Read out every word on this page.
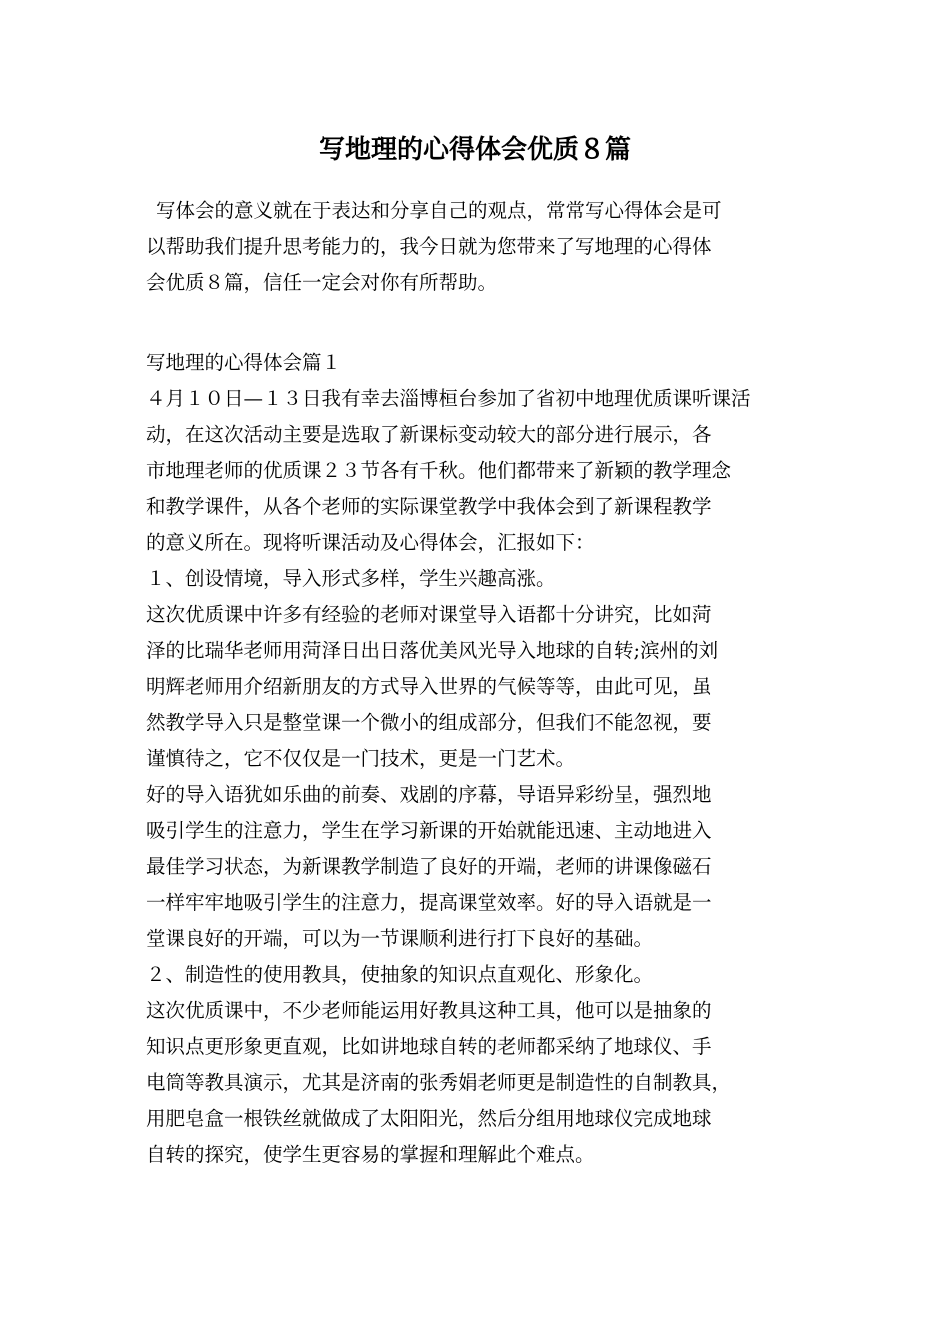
写地理的心得体会优质８篇
写体会的意义就在于表达和分享自己的观点，常常写心得体会是可
以帮助我们提升思考能力的，我今日就为您带来了写地理的心得体
会优质８篇，信任一定会对你有所帮助。
写地理的心得体会篇１
４月１０日—１３日我有幸去淄博桓台参加了省初中地理优质课听课活
动，在这次活动主要是选取了新课标变动较大的部分进行展示，各
市地理老师的优质课２３节各有千秋。他们都带来了新颖的教学理念
和教学课件，从各个老师的实际课堂教学中我体会到了新课程教学
的意义所在。现将听课活动及心得体会，汇报如下：
１、创设情境，导入形式多样，学生兴趣高涨。
这次优质课中许多有经验的老师对课堂导入语都十分讲究，比如菏
泽的比瑞华老师用菏泽日出日落优美风光导入地球的自转;滨州的刘
明辉老师用介绍新朋友的方式导入世界的气候等等，由此可见，虽
然教学导入只是整堂课一个微小的组成部分，但我们不能忽视，要
谨慎待之，它不仅仅是一门技术，更是一门艺术。
好的导入语犹如乐曲的前奏、戏剧的序幕，导语异彩纷呈，强烈地
吸引学生的注意力，学生在学习新课的开始就能迅速、主动地进入
最佳学习状态，为新课教学制造了良好的开端，老师的讲课像磁石
一样牢牢地吸引学生的注意力，提高课堂效率。好的导入语就是一
堂课良好的开端，可以为一节课顺利进行打下良好的基础。
２、制造性的使用教具，使抽象的知识点直观化、形象化。
这次优质课中，不少老师能运用好教具这种工具，他可以是抽象的
知识点更形象更直观，比如讲地球自转的老师都采纳了地球仪、手
电筒等教具演示，尤其是济南的张秀娟老师更是制造性的自制教具，
用肥皂盒一根铁丝就做成了太阳阳光，然后分组用地球仪完成地球
自转的探究，使学生更容易的掌握和理解此个难点。
